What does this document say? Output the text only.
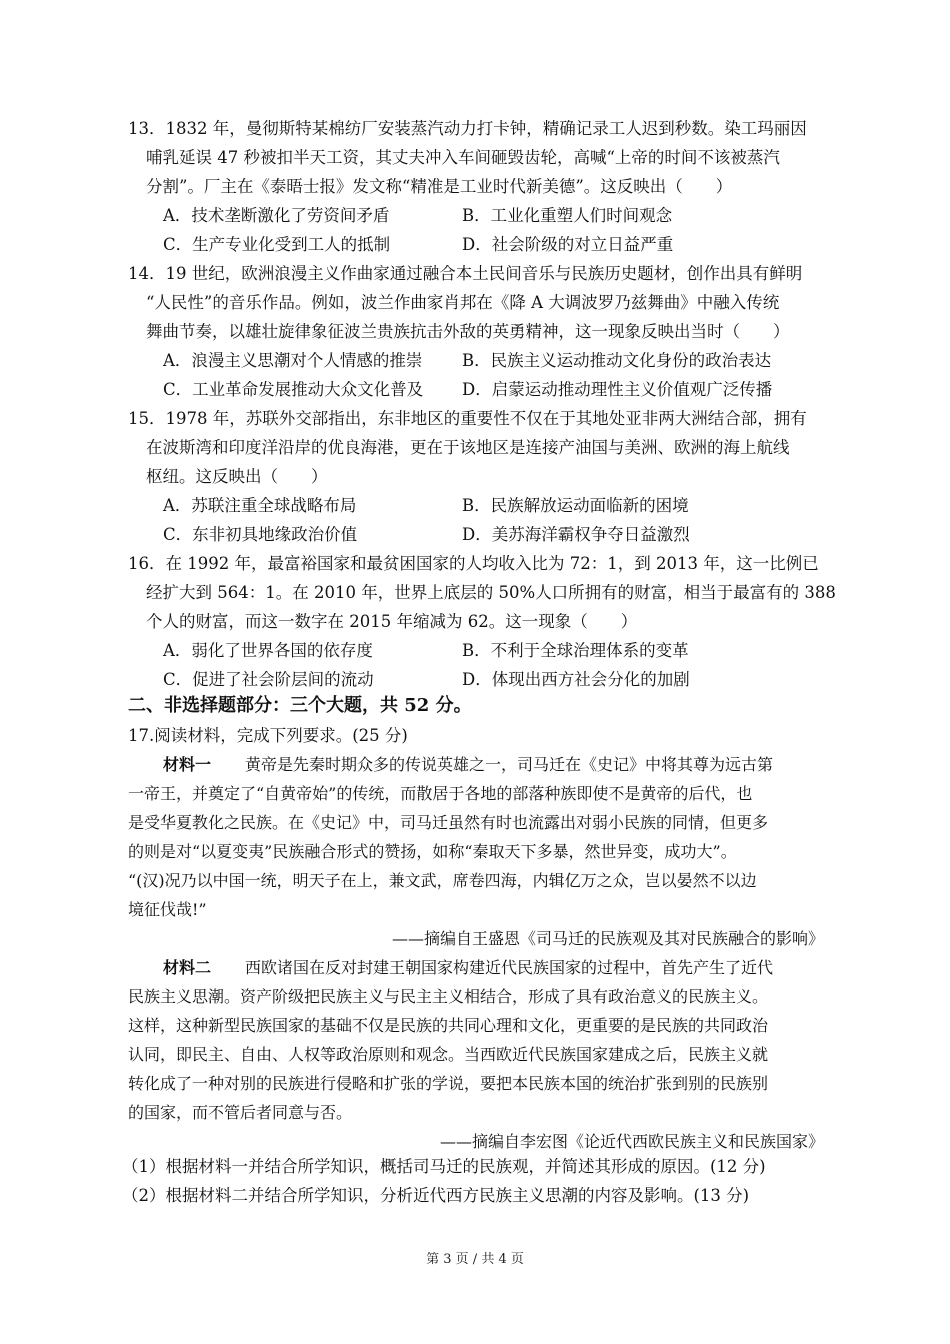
13．1832 年，曼彻斯特某棉纺厂安装蒸汽动力打卡钟，精确记录工人迟到秒数。染工玛丽因
哺乳延误 47 秒被扣半天工资，其丈夫冲入车间砸毁齿轮，高喊“上帝的时间不该被蒸汽
分割”。厂主在《泰晤士报》发文称“精准是工业时代新美德”。这反映出（　　）
A．技术垄断激化了劳资间矛盾	B．工业化重塑人们时间观念
C．生产专业化受到工人的抵制	D．社会阶级的对立日益严重
14．19 世纪，欧洲浪漫主义作曲家通过融合本土民间音乐与民族历史题材，创作出具有鲜明
“人民性”的音乐作品。例如，波兰作曲家肖邦在《降 A 大调波罗乃兹舞曲》中融入传统
舞曲节奏，以雄壮旋律象征波兰贵族抗击外敌的英勇精神，这一现象反映出当时（　　）
A．浪漫主义思潮对个人情感的推崇 B．民族主义运动推动文化身份的政治表达
C．工业革命发展推动大众文化普及 D．启蒙运动推动理性主义价值观广泛传播
15．1978 年，苏联外交部指出，东非地区的重要性不仅在于其地处亚非两大洲结合部，拥有
在波斯湾和印度洋沿岸的优良海港，更在于该地区是连接产油国与美洲、欧洲的海上航线
枢纽。这反映出（　　）
A．苏联注重全球战略布局	B．民族解放运动面临新的困境
C．东非初具地缘政治价值	D．美苏海洋霸权争夺日益激烈
16．在 1992 年，最富裕国家和最贫困国家的人均收入比为 72：1，到 2013 年，这一比例已
经扩大到 564：1。在 2010 年，世界上底层的 50%人口所拥有的财富，相当于最富有的 388
个人的财富，而这一数字在 2015 年缩减为 62。这一现象（　　）
A．弱化了世界各国的依存度	B．不利于全球治理体系的变革
C．促进了社会阶层间的流动	D．体现出西方社会分化的加剧
二、非选择题部分：三个大题，共 52 分。
17.阅读材料，完成下列要求。(25 分)
材料一 黄帝是先秦时期众多的传说英雄之一，司马迁在《史记》中将其尊为远古第
一帝王，并奠定了“自黄帝始”的传统，而散居于各地的部落种族即使不是黄帝的后代，也
是受华夏教化之民族。在《史记》中，司马迁虽然有时也流露出对弱小民族的同情，但更多
的则是对“以夏变夷”民族融合形式的赞扬，如称“秦取天下多暴，然世异变，成功大”。
“(汉)况乃以中国一统，明天子在上，兼文武，席卷四海，内辑亿万之众，岂以晏然不以边
境征伐哉!”
——摘编自王盛恩《司马迁的民族观及其对民族融合的影响》
材料二 西欧诸国在反对封建王朝国家构建近代民族国家的过程中，首先产生了近代
民族主义思潮。资产阶级把民族主义与民主主义相结合，形成了具有政治意义的民族主义。
这样，这种新型民族国家的基础不仅是民族的共同心理和文化，更重要的是民族的共同政治
认同，即民主、自由、人权等政治原则和观念。当西欧近代民族国家建成之后，民族主义就
转化成了一种对别的民族进行侵略和扩张的学说，要把本民族本国的统治扩张到别的民族别
的国家，而不管后者同意与否。
——摘编自李宏图《论近代西欧民族主义和民族国家》
（1）根据材料一并结合所学知识，概括司马迁的民族观，并简述其形成的原因。(12 分)
（2）根据材料二并结合所学知识，分析近代西方民族主义思潮的内容及影响。(13 分)
第 3 页 / 共 4 页
